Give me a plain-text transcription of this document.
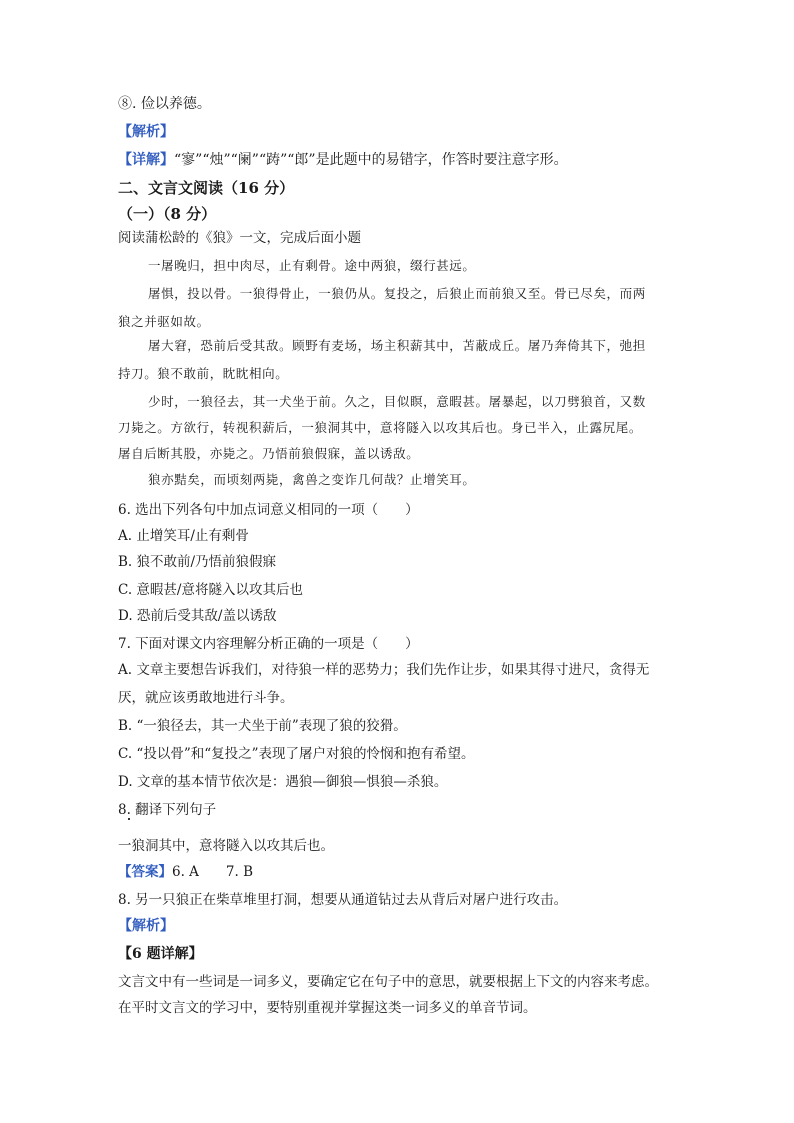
⑧. 俭以养德。
【解析】
【详解】“寥”“烛”“阑”“踌”“郎”是此题中的易错字，作答时要注意字形。
二、文言文阅读（16 分）
（一）（8 分）
阅读蒲松龄的《狼》一文，完成后面小题
一屠晚归，担中肉尽，止有剩骨。途中两狼，缀行甚远。
屠惧，投以骨。一狼得骨止，一狼仍从。复投之，后狼止而前狼又至。骨已尽矣，而两
狼之并驱如故。
屠大窘，恐前后受其敌。顾野有麦场，场主积薪其中，苫蔽成丘。屠乃奔倚其下，弛担
持刀。狼不敢前，眈眈相向。
少时，一狼径去，其一犬坐于前。久之，目似瞑，意暇甚。屠暴起，以刀劈狼首，又数
刀毙之。方欲行，转视积薪后，一狼洞其中，意将隧入以攻其后也。身已半入，止露尻尾。
屠自后断其股，亦毙之。乃悟前狼假寐，盖以诱敌。
狼亦黠矣，而顷刻两毙，禽兽之变诈几何哉？止增笑耳。
6. 选出下列各句中加点词意义相同的一项（　　）
A. 止增笑耳/止有剩骨
B. 狼不敢前/乃悟前狼假寐
C. 意暇甚/意将隧入以攻其后也
D. 恐前后受其敌/盖以诱敌
7. 下面对课文内容理解分析正确的一项是（　　）
A. 文章主要想告诉我们，对待狼一样的恶势力；我们先作让步，如果其得寸进尺，贪得无
厌，就应该勇敢地进行斗争。
B. “一狼径去，其一犬坐于前”表现了狼的狡猾。
C. “投以骨”和“复投之”表现了屠户对狼的怜悯和抱有希望。
D. 文章的基本情节依次是：遇狼—御狼—惧狼—杀狼。
8. 翻译下列句子
一狼洞其中，意将隧入以攻其后也。
【答案】6. A　　7. B
8. 另一只狼正在柴草堆里打洞，想要从通道钻过去从背后对屠户进行攻击。
【解析】
【6 题详解】
文言文中有一些词是一词多义，要确定它在句子中的意思，就要根据上下文的内容来考虑。
在平时文言文的学习中，要特别重视并掌握这类一词多义的单音节词。
